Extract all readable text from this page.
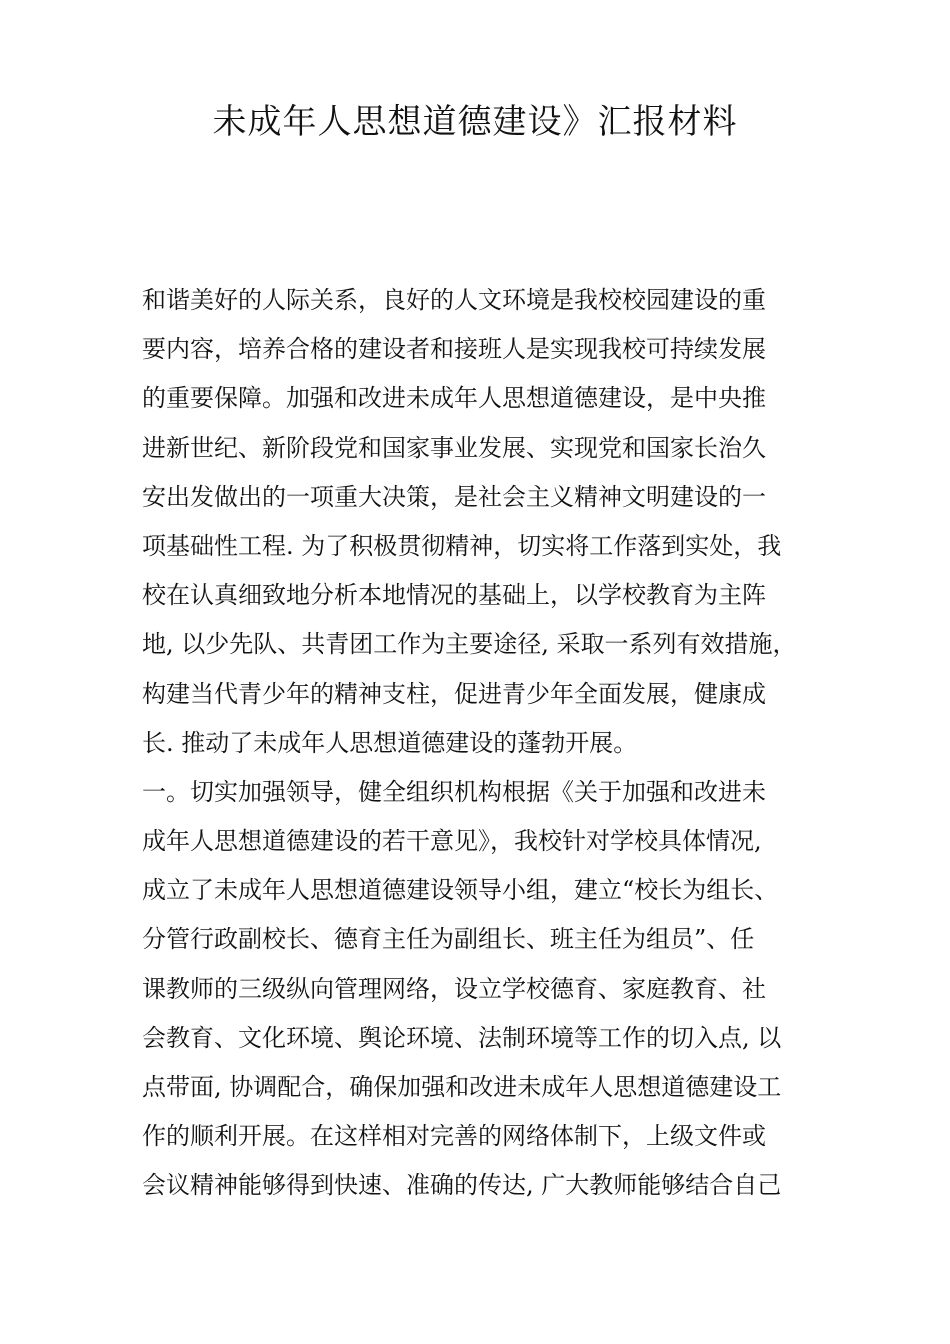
未成年人思想道德建设》汇报材料
和谐美好的人际关系，良好的人文环境是我校校园建设的重
要内容，培养合格的建设者和接班人是实现我校可持续发展
的重要保障。加强和改进未成年人思想道德建设，是中央推
进新世纪、新阶段党和国家事业发展、实现党和国家长治久
安出发做出的一项重大决策，是社会主义精神文明建设的一
项基础性工程. 为了积极贯彻精神，切实将工作落到实处，我
校在认真细致地分析本地情况的基础上，以学校教育为主阵
地, 以少先队、共青团工作为主要途径, 采取一系列有效措施，
构建当代青少年的精神支柱，促进青少年全面发展，健康成
长. 推动了未成年人思想道德建设的蓬勃开展。
一。切实加强领导，健全组织机构根据《关于加强和改进未
成年人思想道德建设的若干意见》，我校针对学校具体情况,
成立了未成年人思想道德建设领导小组，建立“校长为组长、
分管行政副校长、德育主任为副组长、班主任为组员”、任
课教师的三级纵向管理网络，设立学校德育、家庭教育、社
会教育、文化环境、舆论环境、法制环境等工作的切入点, 以
点带面, 协调配合，确保加强和改进未成年人思想道德建设工
作的顺利开展。在这样相对完善的网络体制下，上级文件或
会议精神能够得到快速、准确的传达, 广大教师能够结合自己
